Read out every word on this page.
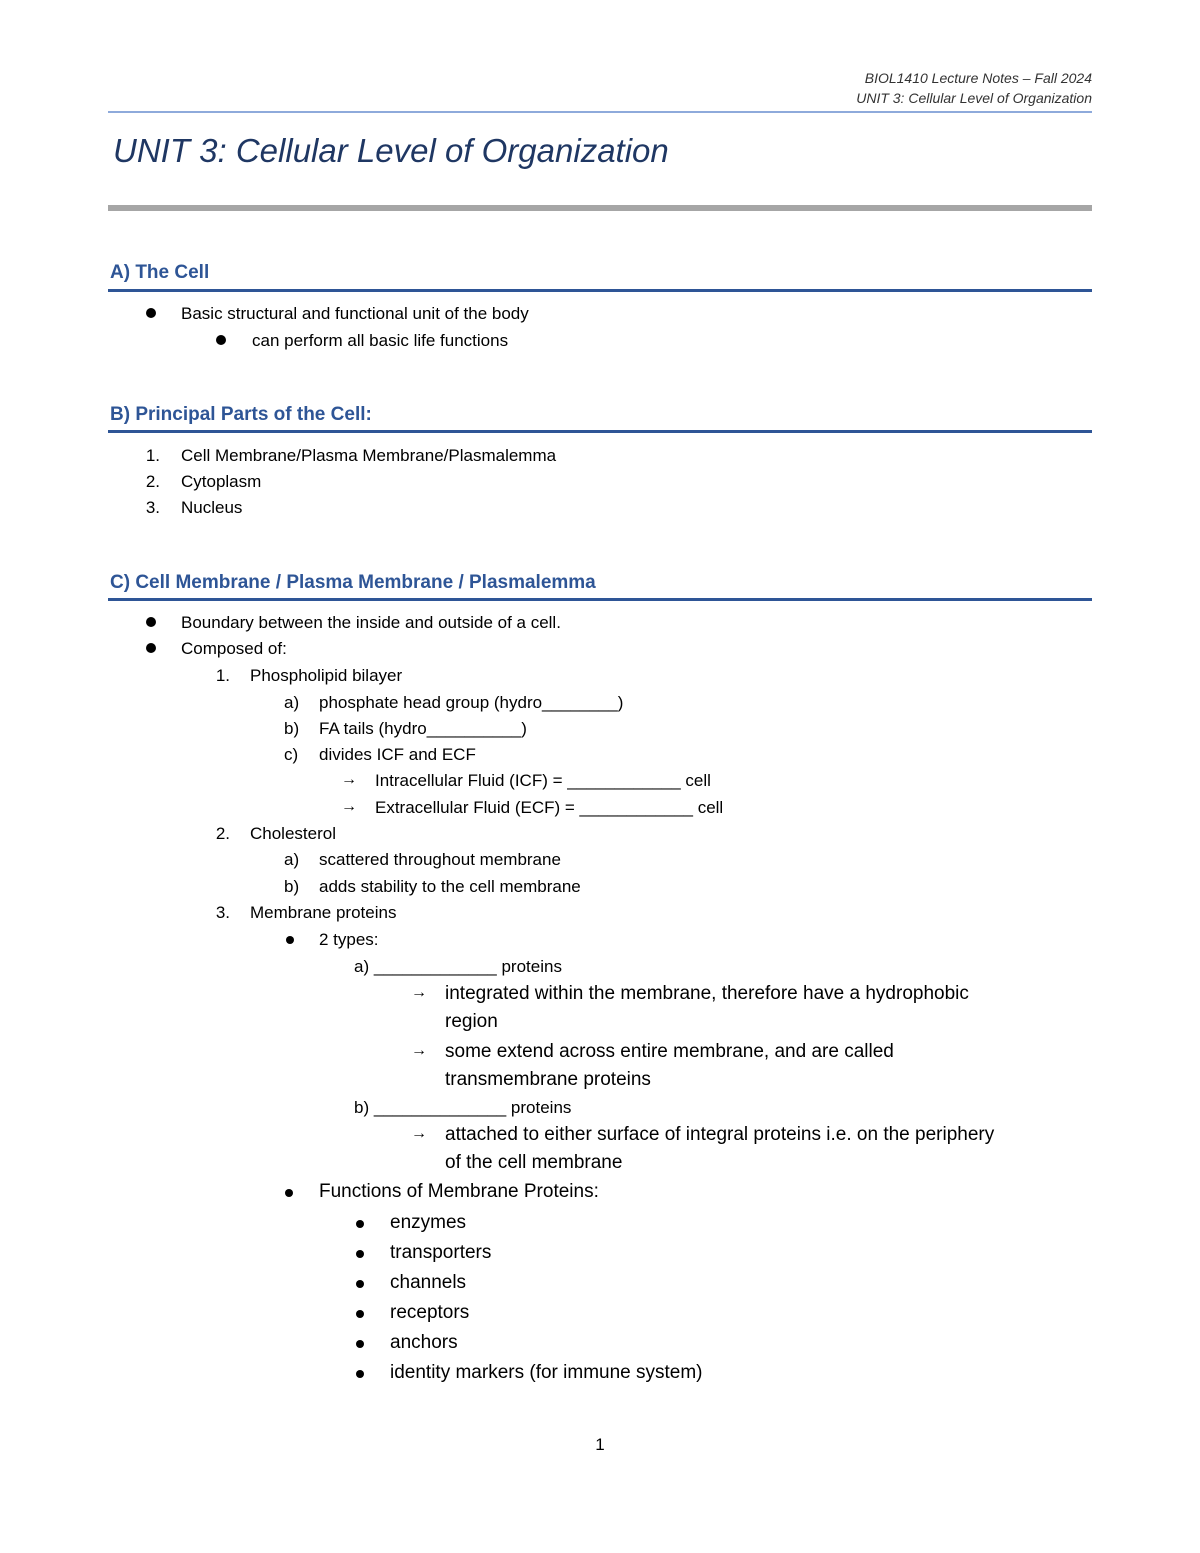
BIOL1410 Lecture Notes – Fall 2024
UNIT 3: Cellular Level of Organization
UNIT 3: Cellular Level of Organization
A) The Cell
Basic structural and functional unit of the body
can perform all basic life functions
B) Principal Parts of the Cell:
1. Cell Membrane/Plasma Membrane/Plasmalemma
2. Cytoplasm
3. Nucleus
C) Cell Membrane / Plasma Membrane / Plasmalemma
Boundary between the inside and outside of a cell.
Composed of:
1. Phospholipid bilayer
a) phosphate head group (hydro________)
b) FA tails (hydro__________)
c) divides ICF and ECF
→ Intracellular Fluid (ICF) = ____________ cell
→ Extracellular Fluid (ECF) = ____________ cell
2. Cholesterol
a) scattered throughout membrane
b) adds stability to the cell membrane
3. Membrane proteins
2 types:
a) _____________ proteins
→ integrated within the membrane, therefore have a hydrophobic
region
→ some extend across entire membrane, and are called
transmembrane proteins
b) ______________ proteins
→ attached to either surface of integral proteins i.e. on the periphery
of the cell membrane
Functions of Membrane Proteins:
enzymes
transporters
channels
receptors
anchors
identity markers (for immune system)
1
